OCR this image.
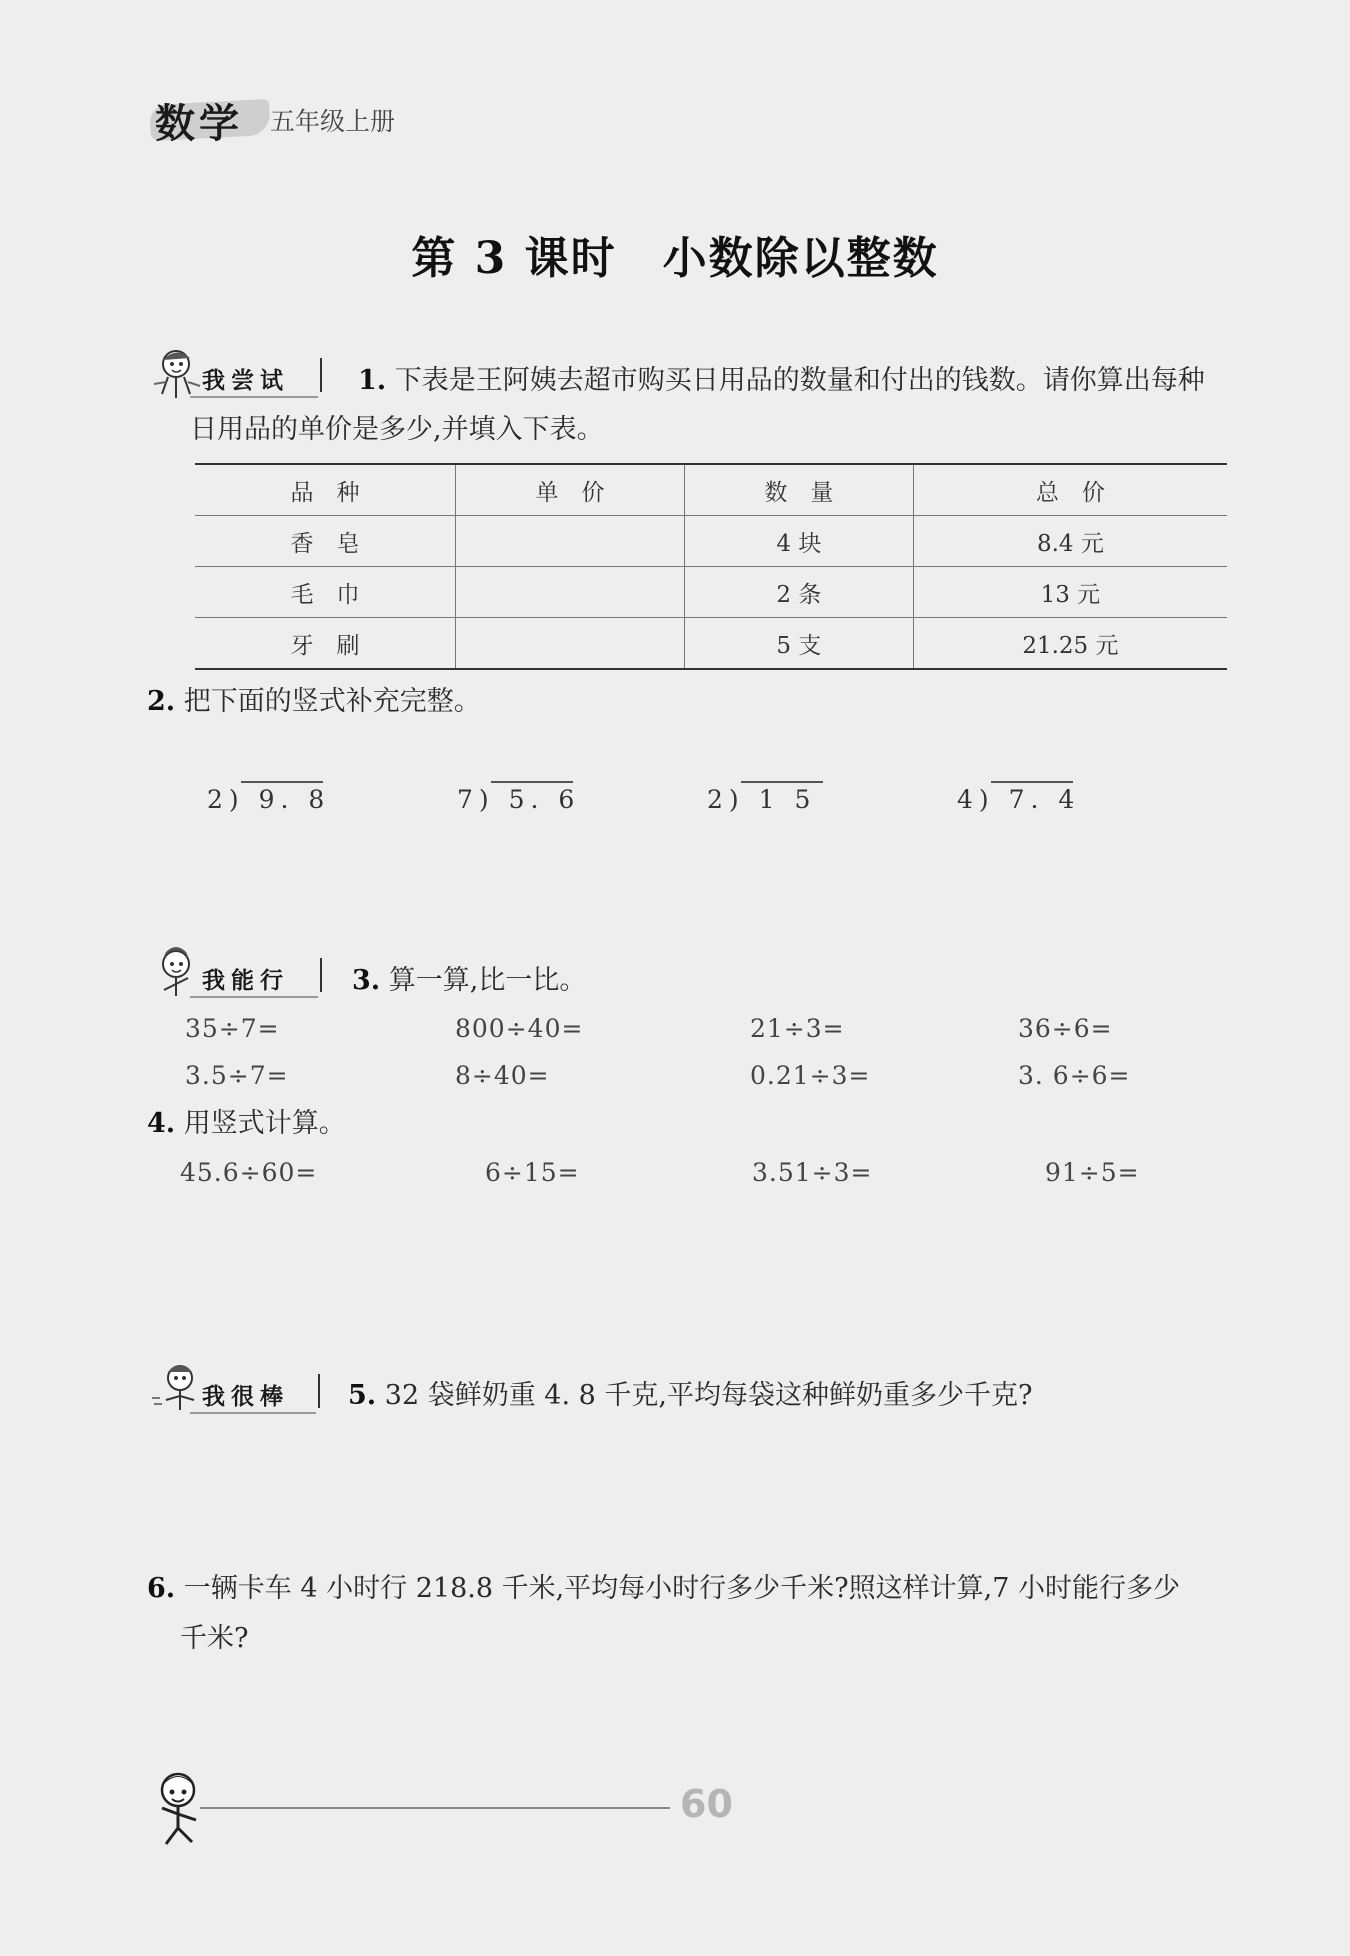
数学 五年级上册
第 3 课时　小数除以整数
我尝试	1. 下表是王阿姨去超市购买日用品的数量和付出的钱数。请你算出每种
日用品的单价是多少,并填入下表。
品　种	单　价	数　量	总　价
香　皂		4 块	8.4 元
毛　巾		2 条	13 元
牙　刷		5 支	21.25 元
2. 把下面的竖式补充完整。
2) 9. 8	7) 5. 6	2) 1 5	4) 7. 4
我能行 3. 算一算,比一比。
35÷7=	800÷40=	21÷3=	36÷6=
3.5÷7=	8÷40=	0.21÷3=	3. 6÷6=
4. 用竖式计算。
45.6÷60=	6÷15=	3.51÷3=	91÷5=
我很棒 5. 32 袋鲜奶重 4. 8 千克,平均每袋这种鲜奶重多少千克?
6. 一辆卡车 4 小时行 218.8 千米,平均每小时行多少千米?照这样计算,7 小时能行多少
千米?
60
